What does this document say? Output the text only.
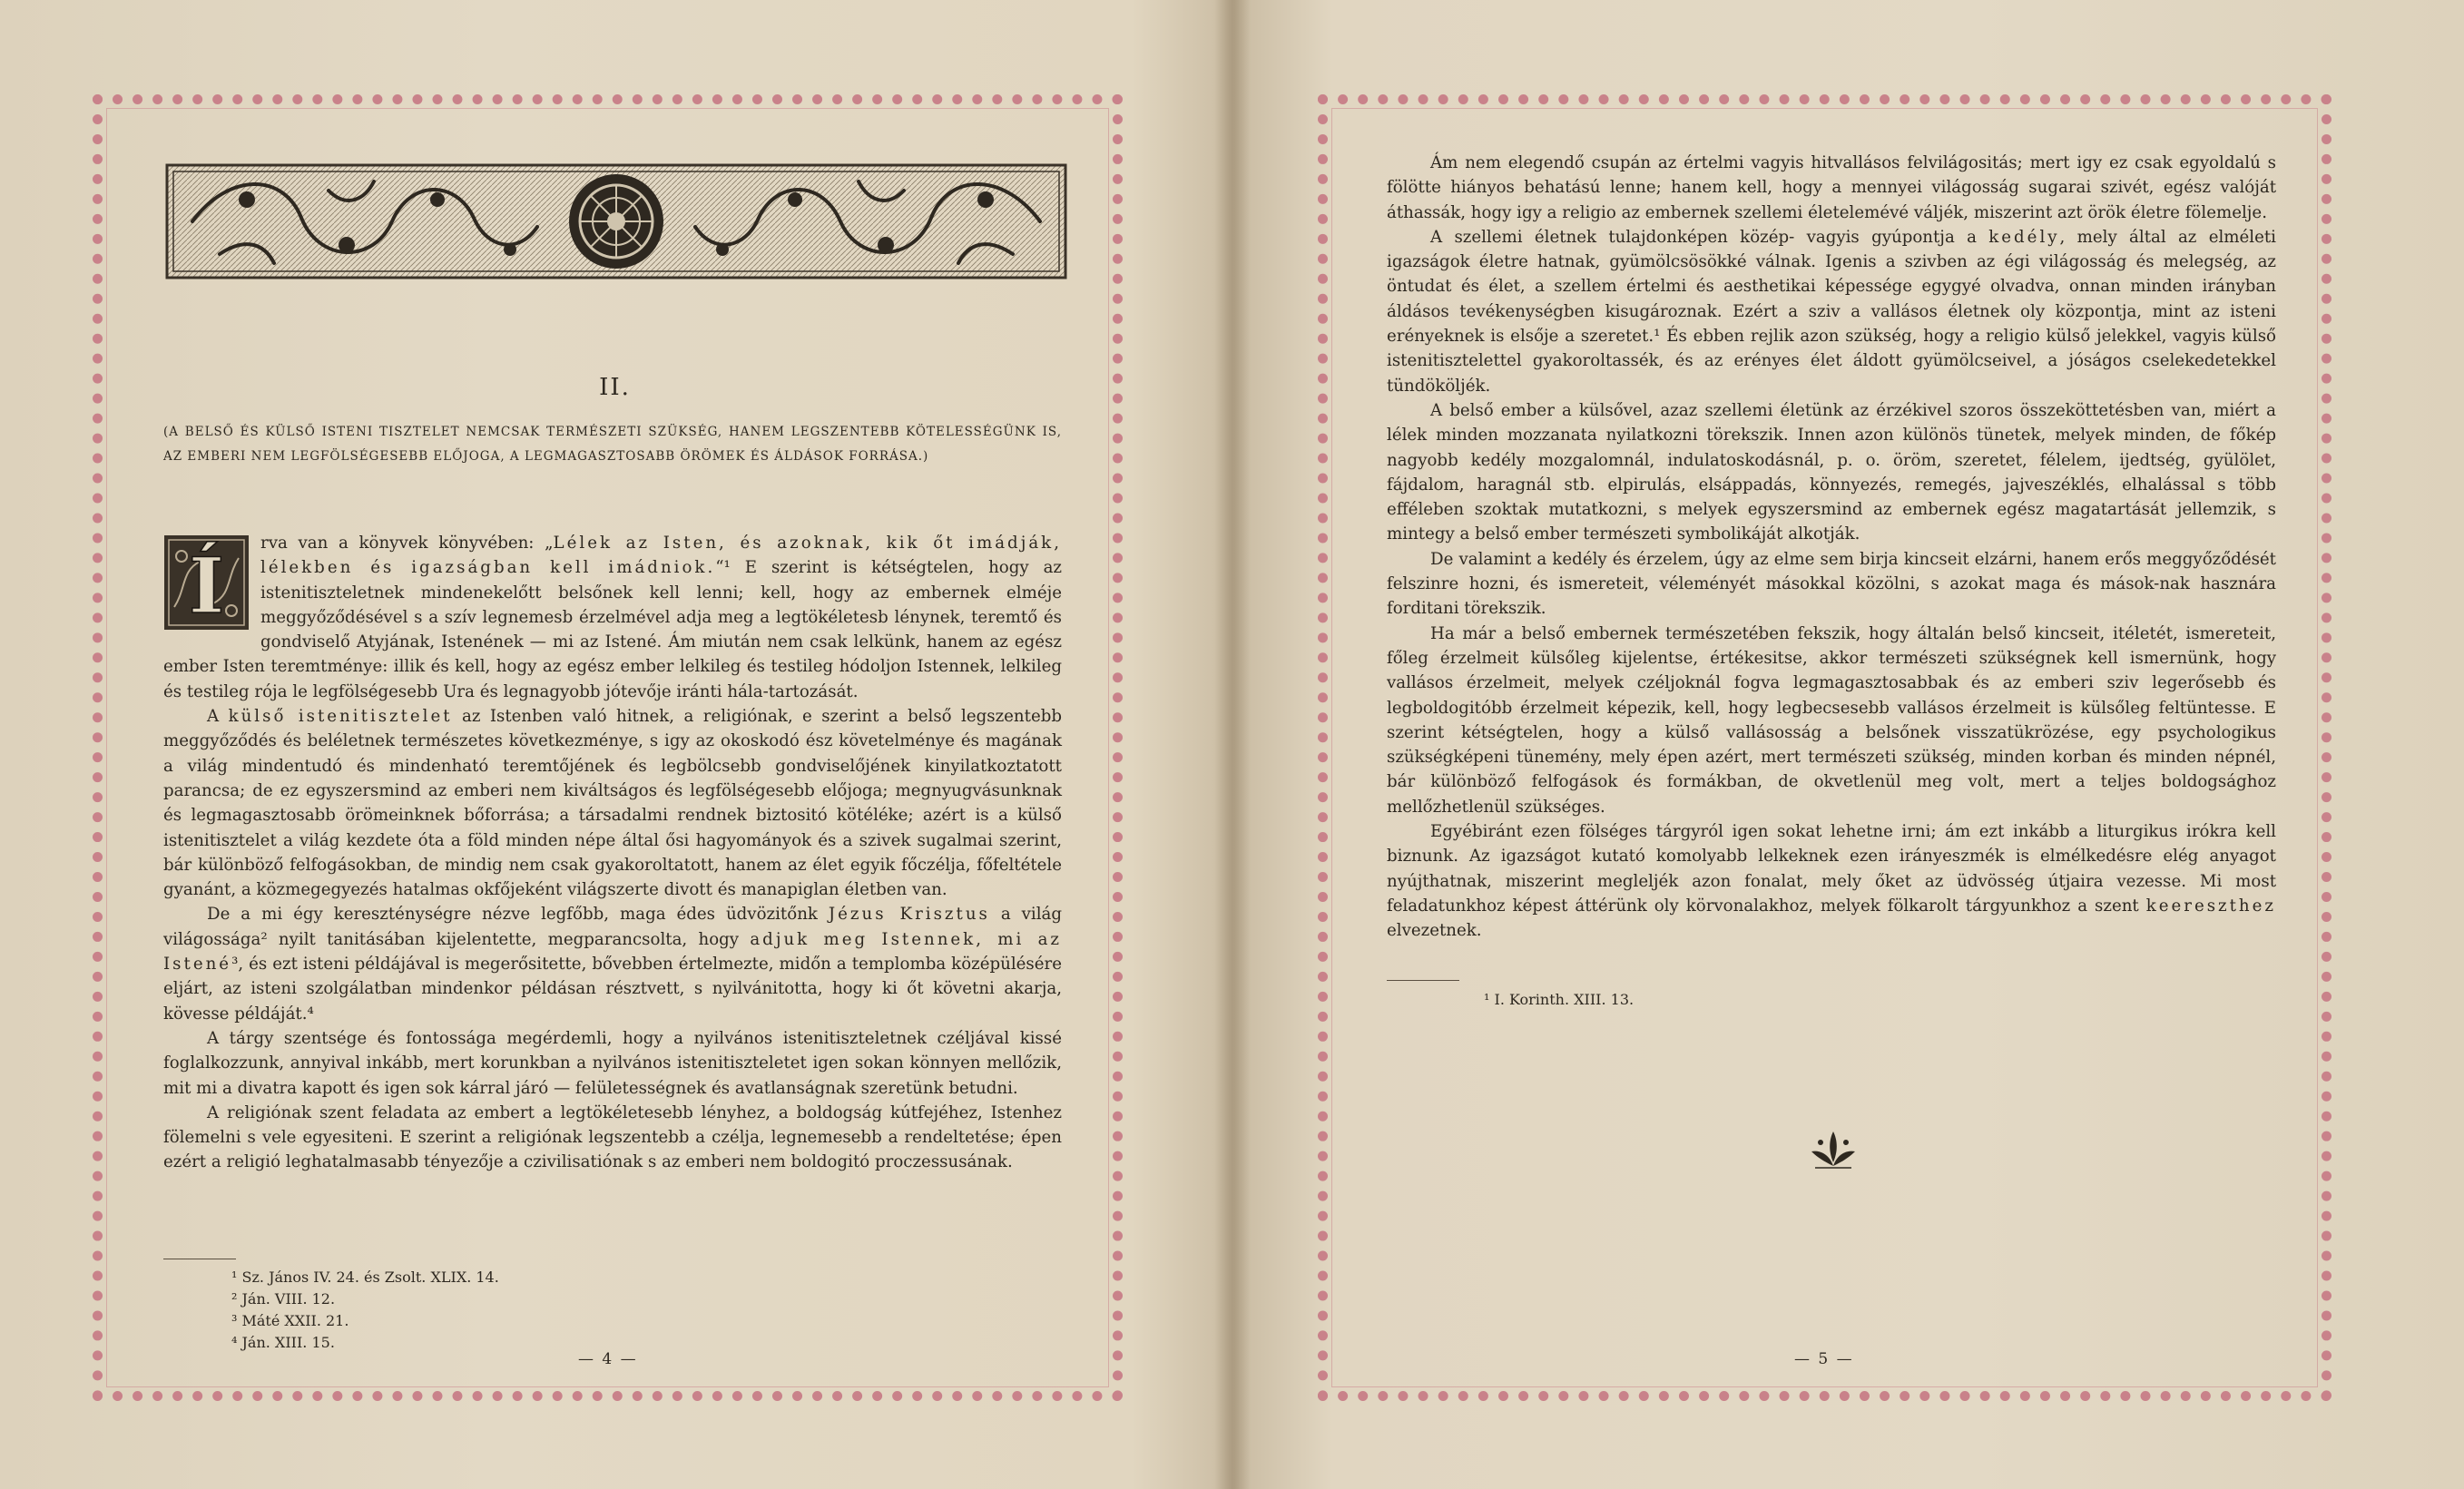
II.
(A BELSŐ ÉS KÜLSŐ ISTENI TISZTELET NEMCSAK TERMÉSZETI SZÜKSÉG, HANEM LEGSZENTEBB KÖTELESSÉGÜNK IS, AZ EMBERI NEM LEGFÖLSÉGESEBB ELŐJOGA, A LEGMAGASZTOSABB ÖRÖMEK ÉS ÁLDÁSOK FORRÁSA.)
Í	rva van a könyvek könyvében: „Lélek az Isten, és azoknak, kik őt imádják, lélekben és igazságban kell imádniok.“¹ E szerint is kétségtelen, hogy az istenitiszteletnek mindenekelőtt belsőnek kell lenni; kell, hogy az embernek elméje meggyőződésével s a szív legnemesb érzelmével adja meg a legtökéletesb lénynek, teremtő és gondviselő Atyjának, Istenének — mi az Istené. Ám miután nem csak lelkünk, hanem az egész ember Isten teremtménye: illik és kell, hogy az egész ember lelkileg és testileg hódoljon Istennek, lelkileg és testileg rója le legfölségesebb Ura és legnagyobb jótevője iránti hála-tartozását.

A külső istenitisztelet az Istenben való hitnek, a religiónak, e szerint a belső legszentebb meggyőződés és beléletnek természetes következménye, s igy az okoskodó ész követelménye és magának a világ mindentudó és mindenható teremtőjének és legbölcsebb gondviselőjének kinyilatkoztatott parancsa; de ez egyszersmind az emberi nem kiváltságos és legfölségesebb előjoga; megnyugvásunknak és legmagasztosabb örömeinknek bőforrása; a társadalmi rendnek biztositó kötéléke; azért is a külső istenitisztelet a világ kezdete óta a föld minden népe által ősi hagyományok és a szivek sugalmai szerint, bár különböző felfogásokban, de mindig nem csak gyakoroltatott, hanem az élet egyik főczélja, főfeltétele gyanánt, a közmegegyezés hatalmas okfőjeként világszerte divott és manapiglan életben van.

De a mi égy kereszténységre nézve legfőbb, maga édes üdvözitőnk Jézus Krisztus a világ világossága² nyilt tanitásában kijelentette, megparancsolta, hogy adjuk meg Istennek, mi az Istené³, és ezt isteni példájával is megerősitette, bővebben értelmezte, midőn a templomba középülésére eljárt, az isteni szolgálatban mindenkor példásan résztvett, s nyilvánitotta, hogy ki őt követni akarja, kövesse példáját.⁴

A tárgy szentsége és fontossága megérdemli, hogy a nyilvános istenitiszteletnek czéljával kissé foglalkozzunk, annyival inkább, mert korunkban a nyilvános istenitiszteletet igen sokan könnyen mellőzik, mit mi a divatra kapott és igen sok kárral járó — felületességnek és avatlanságnak szeretünk betudni.

A religiónak szent feladata az embert a legtökéletesebb lényhez, a boldogság kútfejéhez, Istenhez fölemelni s vele egyesiteni. E szerint a religiónak legszentebb a czélja, legnemesebb a rendeltetése; épen ezért a religió leghatalmasabb tényezője a czivilisatiónak s az emberi nem boldogitó proczessusának.

¹ Sz. János IV. 24. és Zsolt. XLIX. 14.
² Ján. VIII. 12.
³ Máté XXII. 21.
⁴ Ján. XIII. 15.
— 4 —

Ám nem elegendő csupán az értelmi vagyis hitvallásos felvilágositás; mert igy ez csak egyoldalú s fölötte hiányos behatású lenne; hanem kell, hogy a mennyei világosság sugarai szivét, egész valóját áthassák, hogy igy a religio az embernek szellemi életelemévé váljék, miszerint azt örök életre fölemelje.

A szellemi életnek tulajdonképen közép- vagyis gyúpontja a kedély, mely által az elméleti igazságok életre hatnak, gyümölcsösökké válnak. Igenis a szivben az égi világosság és melegség, az öntudat és élet, a szellem értelmi és aesthetikai képessége egygyé olvadva, onnan minden irányban áldásos tevékenységben kisugároznak. Ezért a sziv a vallásos életnek oly központja, mint az isteni erényeknek is elsője a szeretet.¹ És ebben rejlik azon szükség, hogy a religio külső jelekkel, vagyis külső istenitisztelettel gyakoroltassék, és az erényes élet áldott gyümölcseivel, a jóságos cselekedetekkel tündököljék.

A belső ember a külsővel, azaz szellemi életünk az érzékivel szoros összeköttetésben van, miért a lélek minden mozzanata nyilatkozni törekszik. Innen azon különös tünetek, melyek minden, de főkép nagyobb kedély mozgalomnál, indulatoskodásnál, p. o. öröm, szeretet, félelem, ijedtség, gyülölet, fájdalom, haragnál stb. elpirulás, elsáppadás, könnyezés, remegés, jajveszéklés, elhalással s több efféleben szoktak mutatkozni, s melyek egyszersmind az embernek egész magatartását jellemzik, s mintegy a belső ember természeti symbolikáját alkotják.

De valamint a kedély és érzelem, úgy az elme sem birja kincseit elzárni, hanem erős meggyőződését felszinre hozni, és ismereteit, véleményét másokkal közölni, s azokat maga és mások-nak hasznára forditani törekszik.

Ha már a belső embernek természetében fekszik, hogy általán belső kincseit, itéletét, ismereteit, főleg érzelmeit külsőleg kijelentse, értékesitse, akkor természeti szükségnek kell ismernünk, hogy vallásos érzelmeit, melyek czéljoknál fogva legmagasztosabbak és az emberi sziv legerősebb és legboldogitóbb érzelmeit képezik, kell, hogy legbecsesebb vallásos érzelmeit is külsőleg feltüntesse. E szerint kétségtelen, hogy a külső vallásosság a belsőnek visszatükrözése, egy psychologikus szükségképeni tünemény, mely épen azért, mert természeti szükség, minden korban és minden népnél, bár különböző felfogások és formákban, de okvetlenül meg volt, mert a teljes boldogsághoz mellőzhetlenül szükséges.

Egyébiránt ezen fölséges tárgyról igen sokat lehetne irni; ám ezt inkább a liturgikus irókra kell biznunk. Az igazságot kutató komolyabb lelkeknek ezen irányeszmék is elmélkedésre elég anyagot nyújthatnak, miszerint megleljék azon fonalat, mely őket az üdvösség útjaira vezesse. Mi most feladatunkhoz képest áttérünk oly körvonalakhoz, melyek fölkarolt tárgyunkhoz a szent keereszthez elvezetnek.

¹ I. Korinth. XIII. 13.
— 5 —
